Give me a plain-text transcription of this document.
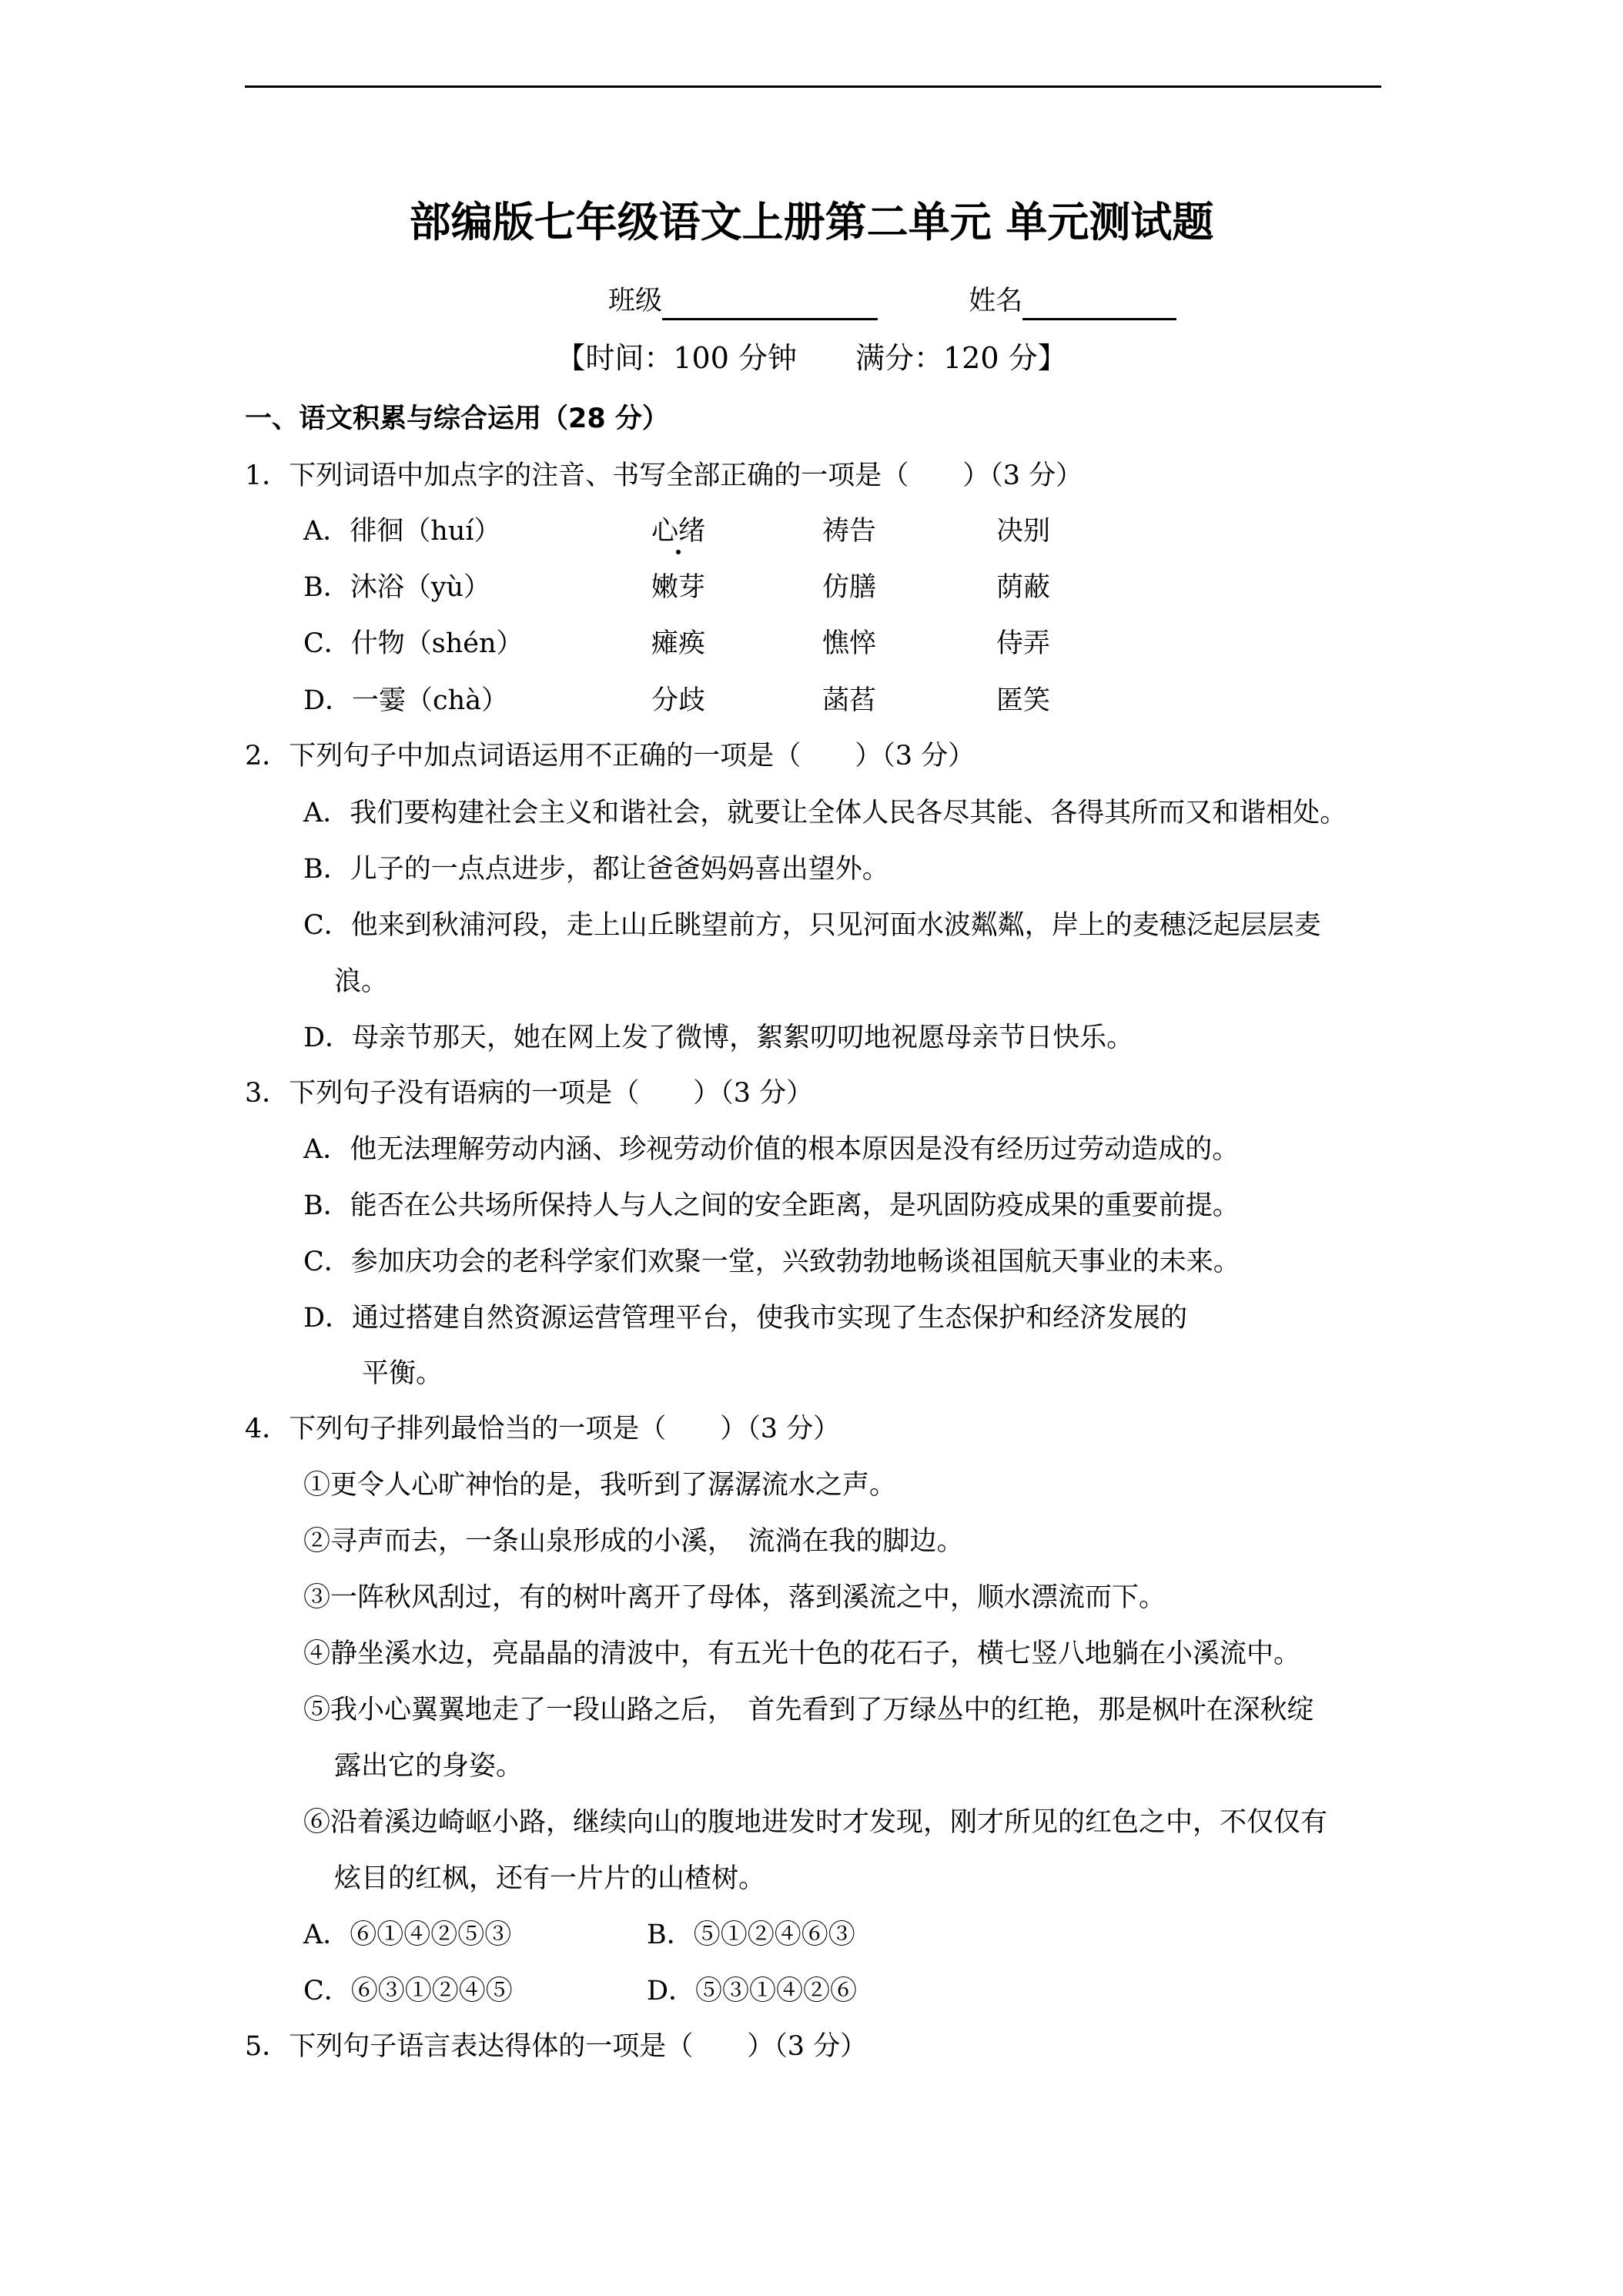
部编版七年级语文上册第二单元 单元测试题
班级	姓名
【时间：100 分钟　　满分：120 分】
一、语文积累与综合运用（28 分）
1．下列词语中加点字的注音、书写全部正确的一项是（　　）（3 分）
A．徘徊（huí）	心绪	祷告	决别
B．沐浴（yù）	嫩芽	仿膳	荫蔽
C．什物（shén）	瘫痪	憔悴	侍弄
D．一霎（chà）	分歧	菡萏	匿笑
2．下列句子中加点词语运用不正确的一项是（　　）（3 分）
A．我们要构建社会主义和谐社会，就要让全体人民各尽其能、各得其所而又和谐相处。
B．儿子的一点点进步，都让爸爸妈妈喜出望外。
C．他来到秋浦河段，走上山丘眺望前方，只见河面水波粼粼，岸上的麦穗泛起层层麦
浪。
D．母亲节那天，她在网上发了微博，絮絮叨叨地祝愿母亲节日快乐。
3．下列句子没有语病的一项是（　　）（3 分）
A．他无法理解劳动内涵、珍视劳动价值的根本原因是没有经历过劳动造成的。
B．能否在公共场所保持人与人之间的安全距离，是巩固防疫成果的重要前提。
C．参加庆功会的老科学家们欢聚一堂，兴致勃勃地畅谈祖国航天事业的未来。
D．通过搭建自然资源运营管理平台，使我市实现了生态保护和经济发展的
平衡。
4．下列句子排列最恰当的一项是（　　）（3 分）
①更令人心旷神怡的是，我听到了潺潺流水之声。
②寻声而去，一条山泉形成的小溪，　流淌在我的脚边。
③一阵秋风刮过，有的树叶离开了母体，落到溪流之中，顺水漂流而下。
④静坐溪水边，亮晶晶的清波中，有五光十色的花石子，横七竖八地躺在小溪流中。
⑤我小心翼翼地走了一段山路之后，　首先看到了万绿丛中的红艳，那是枫叶在深秋绽
露出它的身姿。
⑥沿着溪边崎岖小路，继续向山的腹地进发时才发现，刚才所见的红色之中，不仅仅有
炫目的红枫，还有一片片的山楂树。
A．⑥①④②⑤③	B．⑤①②④⑥③
C．⑥③①②④⑤	D．⑤③①④②⑥
5．下列句子语言表达得体的一项是（　　）（3 分）
